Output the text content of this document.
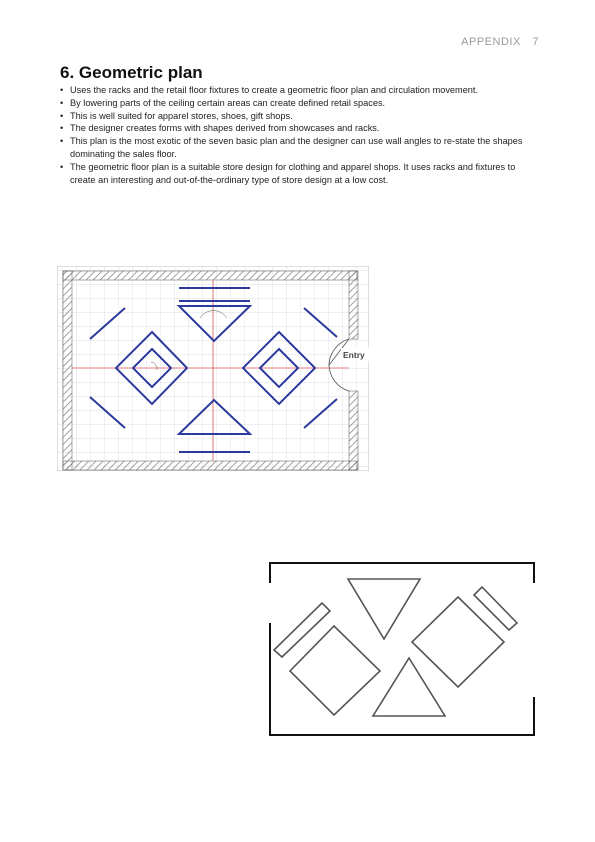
APPENDIX 7
6. Geometric plan
• Uses the racks and the retail floor fixtures to create a geometric floor plan and circulation movement.
• By lowering parts of the ceiling certain areas can create defined retail spaces.
• This is well suited for apparel stores, shoes, gift shops.
• The designer creates forms with shapes derived from showcases and racks.
• This plan is the most exotic of the seven basic plan and the designer can use wall angles to re-state the shapes dominating the sales floor.
• The geometric floor plan is a suitable store design for clothing and apparel shops. It uses racks and fixtures to create an interesting and out-of-the-ordinary type of store design at a low cost.
Entry
